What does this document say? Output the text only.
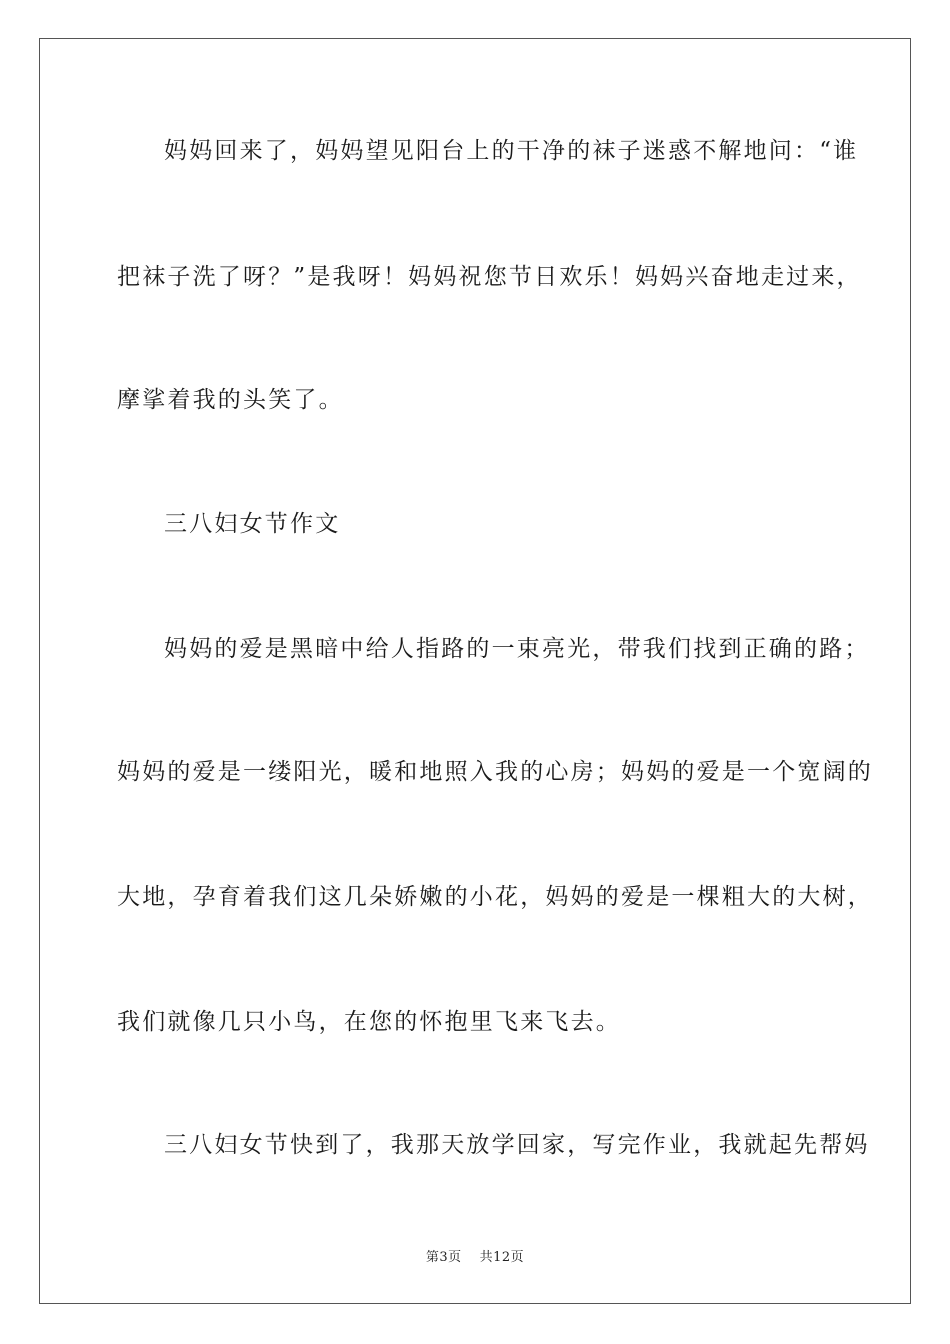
妈妈回来了，妈妈望见阳台上的干净的袜子迷惑不解地问：“谁

把袜子洗了呀？”是我呀！妈妈祝您节日欢乐！妈妈兴奋地走过来，

摩挲着我的头笑了。

三八妇女节作文

妈妈的爱是黑暗中给人指路的一束亮光，带我们找到正确的路；

妈妈的爱是一缕阳光，暖和地照入我的心房；妈妈的爱是一个宽阔的

大地，孕育着我们这几朵娇嫩的小花，妈妈的爱是一棵粗大的大树，

我们就像几只小鸟，在您的怀抱里飞来飞去。

三八妇女节快到了，我那天放学回家，写完作业，我就起先帮妈

第3页 共12页
